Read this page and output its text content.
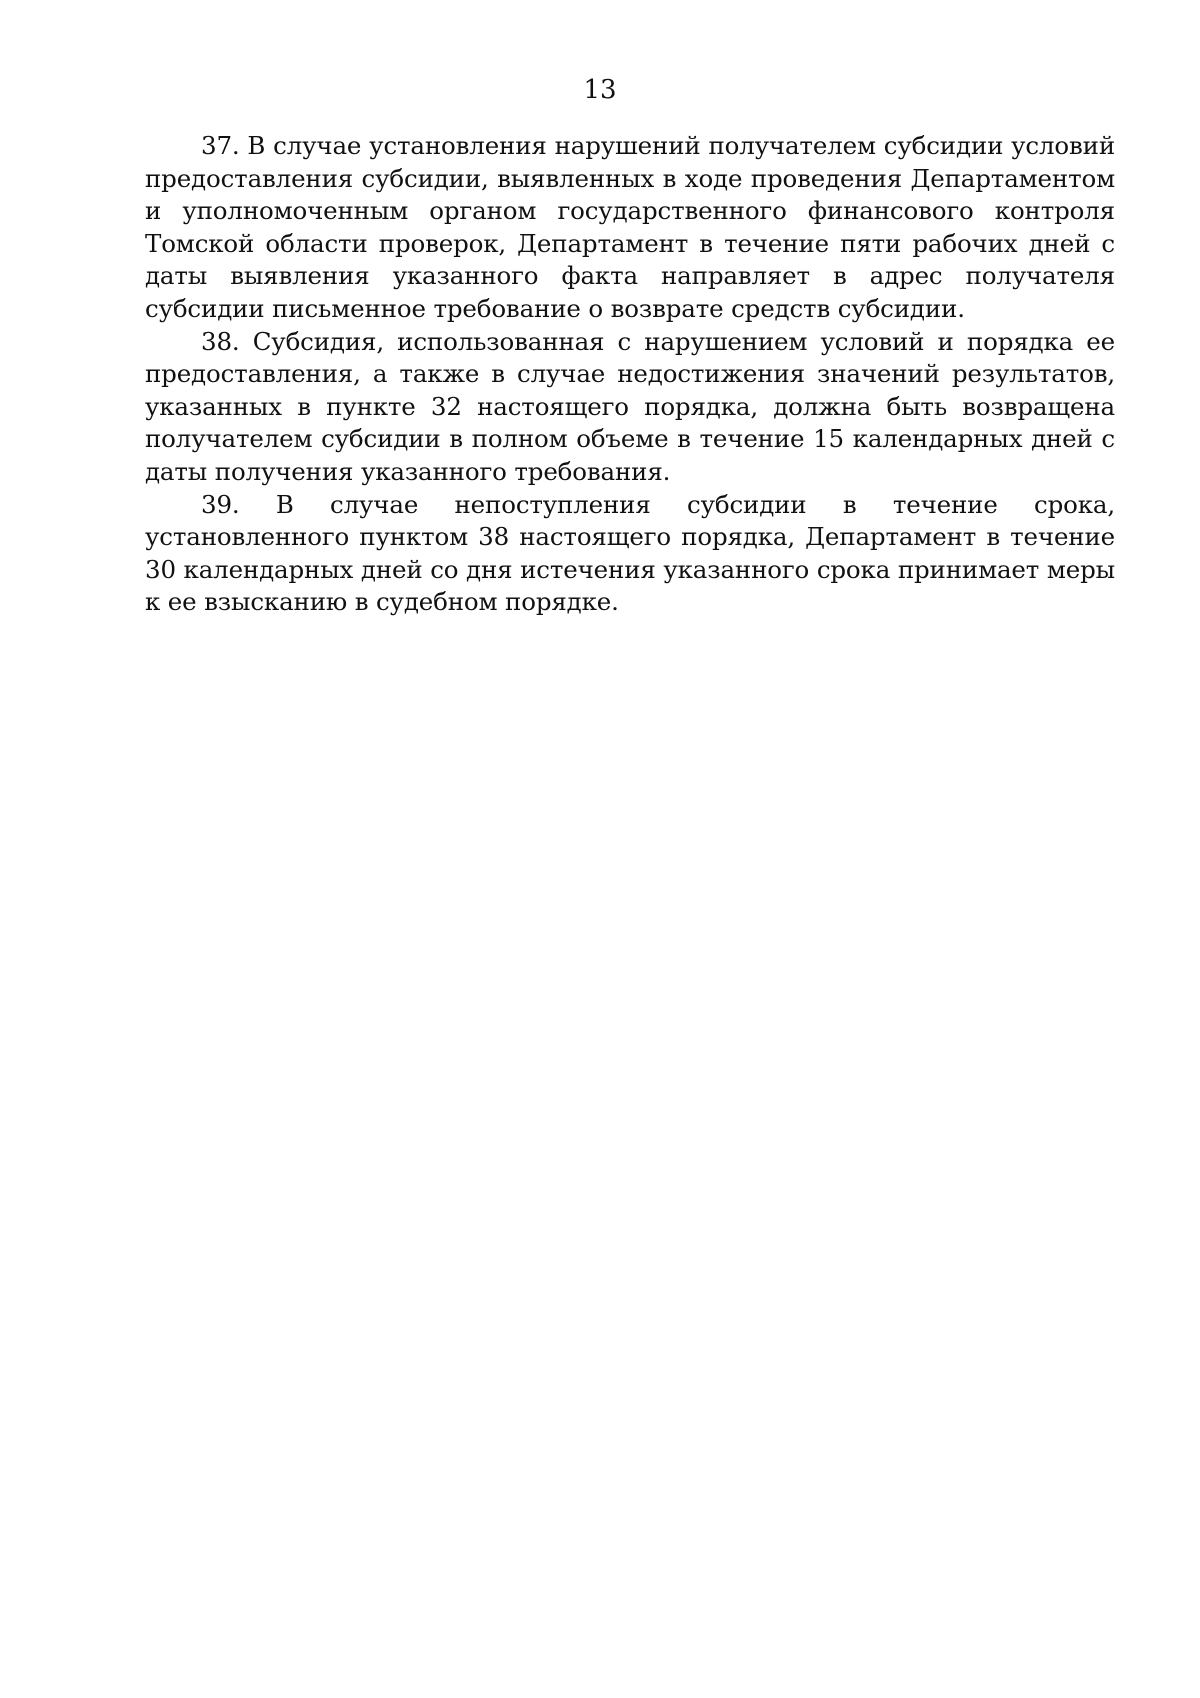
13

37. В случае установления нарушений получателем субсидии условий предоставления субсидии, выявленных в ходе проведения Департаментом и уполномоченным органом государственного финансового контроля Томской области проверок, Департамент в течение пяти рабочих дней с даты выявления указанного факта направляет в адрес получателя субсидии письменное требование о возврате средств субсидии.

38. Субсидия, использованная с нарушением условий и порядка ее предоставления, а также в случае недостижения значений результатов, указанных в пункте 32 настоящего порядка, должна быть возвращена получателем субсидии в полном объеме в течение 15 календарных дней с даты получения указанного требования.

39. В случае непоступления субсидии в течение срока, установленного пунктом 38 настоящего порядка, Департамент в течение 30 календарных дней со дня истечения указанного срока принимает меры к ее взысканию в судебном порядке.
